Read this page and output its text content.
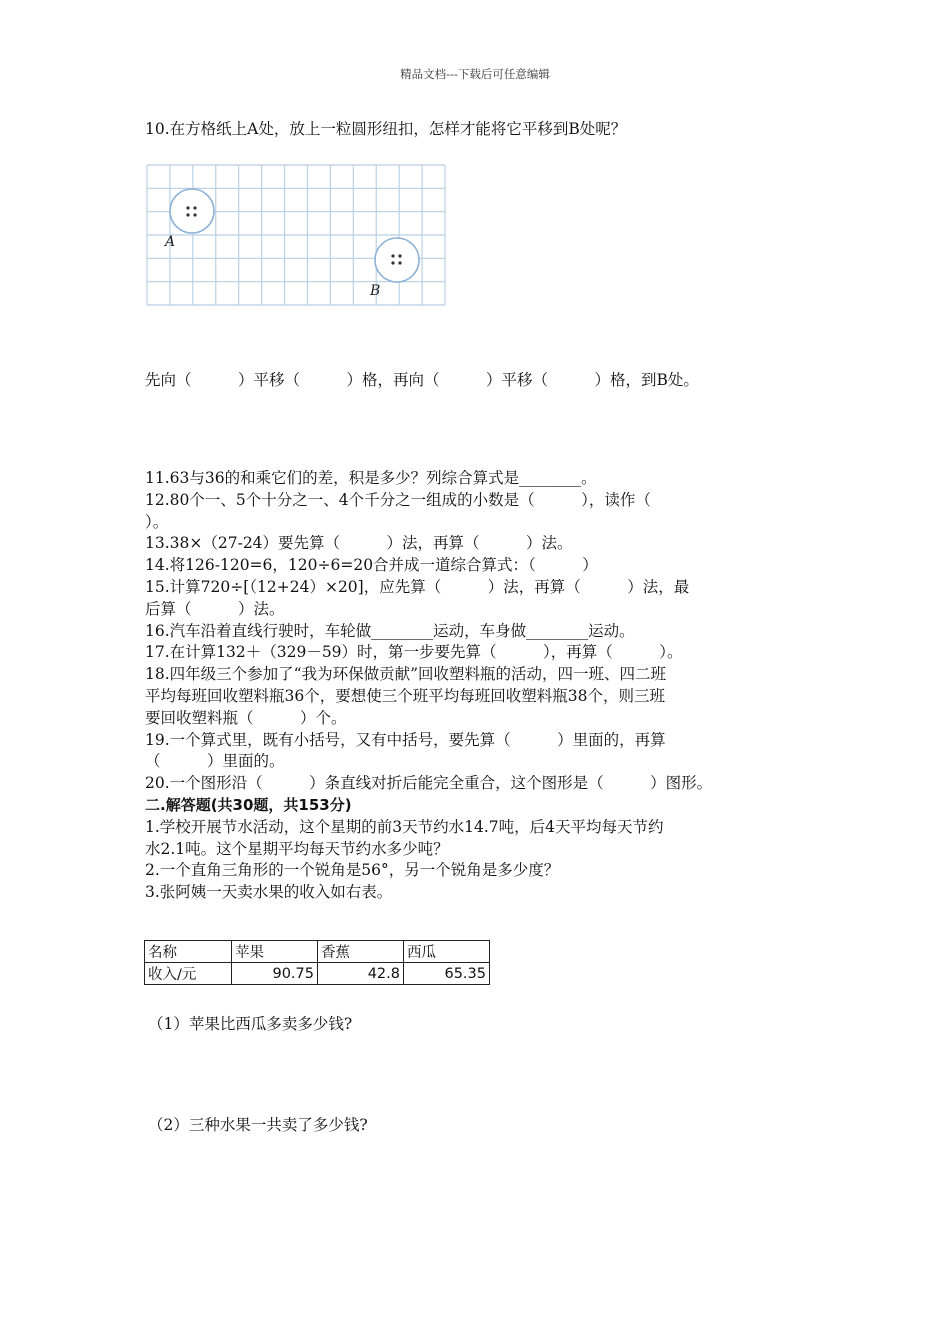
精品文档---下载后可任意编辑
10.在方格纸上A处，放上一粒圆形纽扣，怎样才能将它平移到B处呢？
A
B
先向（　　　）平移（　　　）格，再向（　　　）平移（　　　）格，到B处。
11.63与36的和乘它们的差，积是多少？列综合算式是________。
12.80个一、5个十分之一、4个千分之一组成的小数是（　　　），读作（
）。
13.38×（27-24）要先算（　　　）法，再算（　　　）法。
14.将126-120=6，120÷6=20合并成一道综合算式：（　　　）
15.计算720÷[（12+24）×20]，应先算（　　　）法，再算（　　　）法，最
后算（　　　）法。
16.汽车沿着直线行驶时，车轮做________运动，车身做________运动。
17.在计算132＋（329－59）时，第一步要先算（　　　），再算（　　　）。
18.四年级三个参加了“我为环保做贡献”回收塑料瓶的活动，四一班、四二班
平均每班回收塑料瓶36个，要想使三个班平均每班回收塑料瓶38个，则三班
要回收塑料瓶（　　　）个。
19.一个算式里，既有小括号，又有中括号，要先算（　　　）里面的，再算
（　　　）里面的。
20.一个图形沿（　　　）条直线对折后能完全重合，这个图形是（　　　）图形。
二.解答题(共30题，共153分)
1.学校开展节水活动，这个星期的前3天节约水14.7吨，后4天平均每天节约
水2.1吨。这个星期平均每天节约水多少吨？
2.一个直角三角形的一个锐角是56°，另一个锐角是多少度？
3.张阿姨一天卖水果的收入如右表。
名称	苹果	香蕉	西瓜
收入/元	90.75	42.8	65.35
（1）苹果比西瓜多卖多少钱?
（2）三种水果一共卖了多少钱?
